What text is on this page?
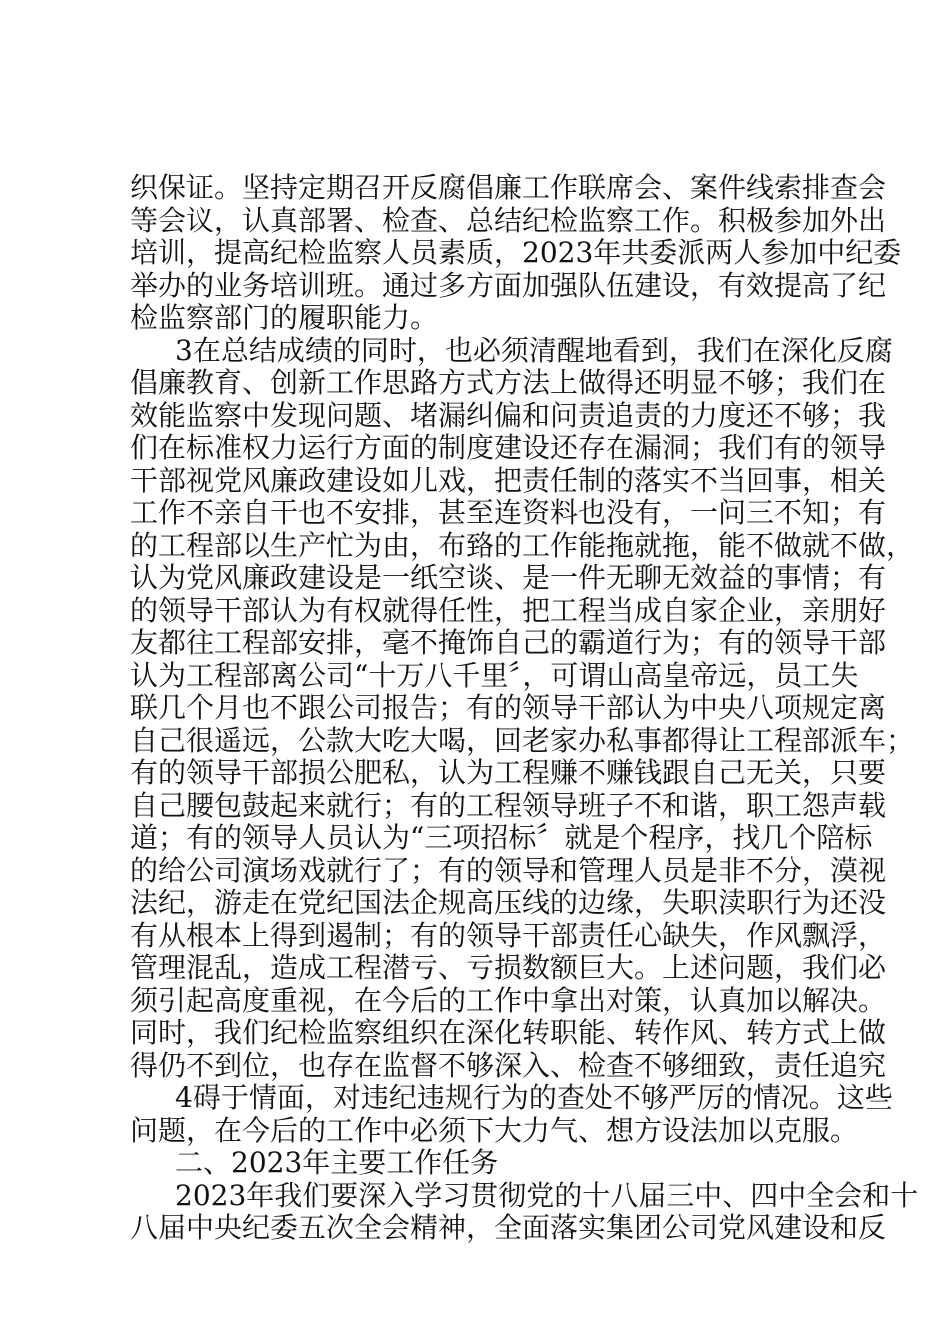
织保证。坚持定期召开反腐倡廉工作联席会、案件线索排查会
等会议，认真部署、检查、总结纪检监察工作。积极参加外出
培训，提高纪检监察人员素质，2023年共委派两人参加中纪委
举办的业务培训班。通过多方面加强队伍建设，有效提高了纪
检监察部门的履职能力。
3在总结成绩的同时，也必须清醒地看到，我们在深化反腐
倡廉教育、创新工作思路方式方法上做得还明显不够；我们在
效能监察中发现问题、堵漏纠偏和问责追责的力度还不够；我
们在标准权力运行方面的制度建设还存在漏洞；我们有的领导
干部视党风廉政建设如儿戏，把责任制的落实不当回事，相关
工作不亲自干也不安排，甚至连资料也没有，一问三不知；有
的工程部以生产忙为由，布臵的工作能拖就拖，能不做就不做，
认为党风廉政建设是一纸空谈、是一件无聊无效益的事情；有
的领导干部认为有权就得任性，把工程当成自家企业，亲朋好
友都往工程部安排，毫不掩饰自己的霸道行为；有的领导干部
认为工程部离公司“十万八千里〞，可谓山高皇帝远，员工失
联几个月也不跟公司报告；有的领导干部认为中央八项规定离
自己很遥远，公款大吃大喝，回老家办私事都得让工程部派车；
有的领导干部损公肥私，认为工程赚不赚钱跟自己无关，只要
自己腰包鼓起来就行；有的工程领导班子不和谐，职工怨声载
道；有的领导人员认为“三项招标〞就是个程序，找几个陪标
的给公司演场戏就行了；有的领导和管理人员是非不分，漠视
法纪，游走在党纪国法企规高压线的边缘，失职渎职行为还没
有从根本上得到遏制；有的领导干部责任心缺失，作风飘浮，
管理混乱，造成工程潜亏、亏损数额巨大。上述问题，我们必
须引起高度重视，在今后的工作中拿出对策，认真加以解决。
同时，我们纪检监察组织在深化转职能、转作风、转方式上做
得仍不到位，也存在监督不够深入、检查不够细致，责任追究
4碍于情面，对违纪违规行为的查处不够严厉的情况。这些
问题，在今后的工作中必须下大力气、想方设法加以克服。
二、2023年主要工作任务
2023年我们要深入学习贯彻党的十八届三中、四中全会和十
八届中央纪委五次全会精神，全面落实集团公司党风建设和反
